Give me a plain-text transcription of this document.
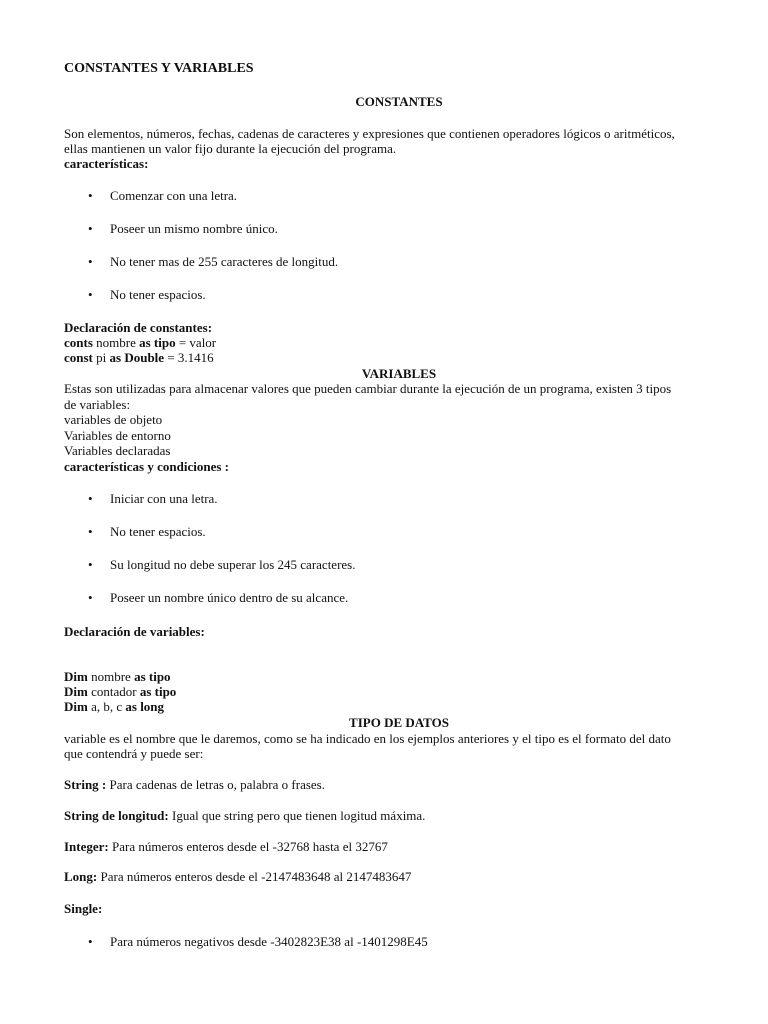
CONSTANTES Y VARIABLES
CONSTANTES
Son elementos, números, fechas, cadenas de caracteres y expresiones que contienen operadores lógicos o aritméticos,
ellas mantienen un valor fijo durante la ejecución del programa.
características:
• Comenzar con una letra.
• Poseer un mismo nombre único.
• No tener mas de 255 caracteres de longitud.
• No tener espacios.
Declaración de constantes:
conts nombre as tipo = valor
const pi as Double = 3.1416
VARIABLES
Estas son utilizadas para almacenar valores que pueden cambiar durante la ejecución de un programa, existen 3 tipos
de variables:
variables de objeto
Variables de entorno
Variables declaradas
características y condiciones :
• Iniciar con una letra.
• No tener espacios.
• Su longitud no debe superar los 245 caracteres.
• Poseer un nombre único dentro de su alcance.
Declaración de variables:
Dim nombre as tipo
Dim contador as tipo
Dim a, b, c as long
TIPO DE DATOS
variable es el nombre que le daremos, como se ha indicado en los ejemplos anteriores y el tipo es el formato del dato
que contendrá y puede ser:
String : Para cadenas de letras o, palabra o frases.
String de longitud: Igual que string pero que tienen logitud máxima.
Integer: Para números enteros desde el -32768 hasta el 32767
Long: Para números enteros desde el -2147483648 al 2147483647
Single:
• Para números negativos desde -3402823E38 al -1401298E45
